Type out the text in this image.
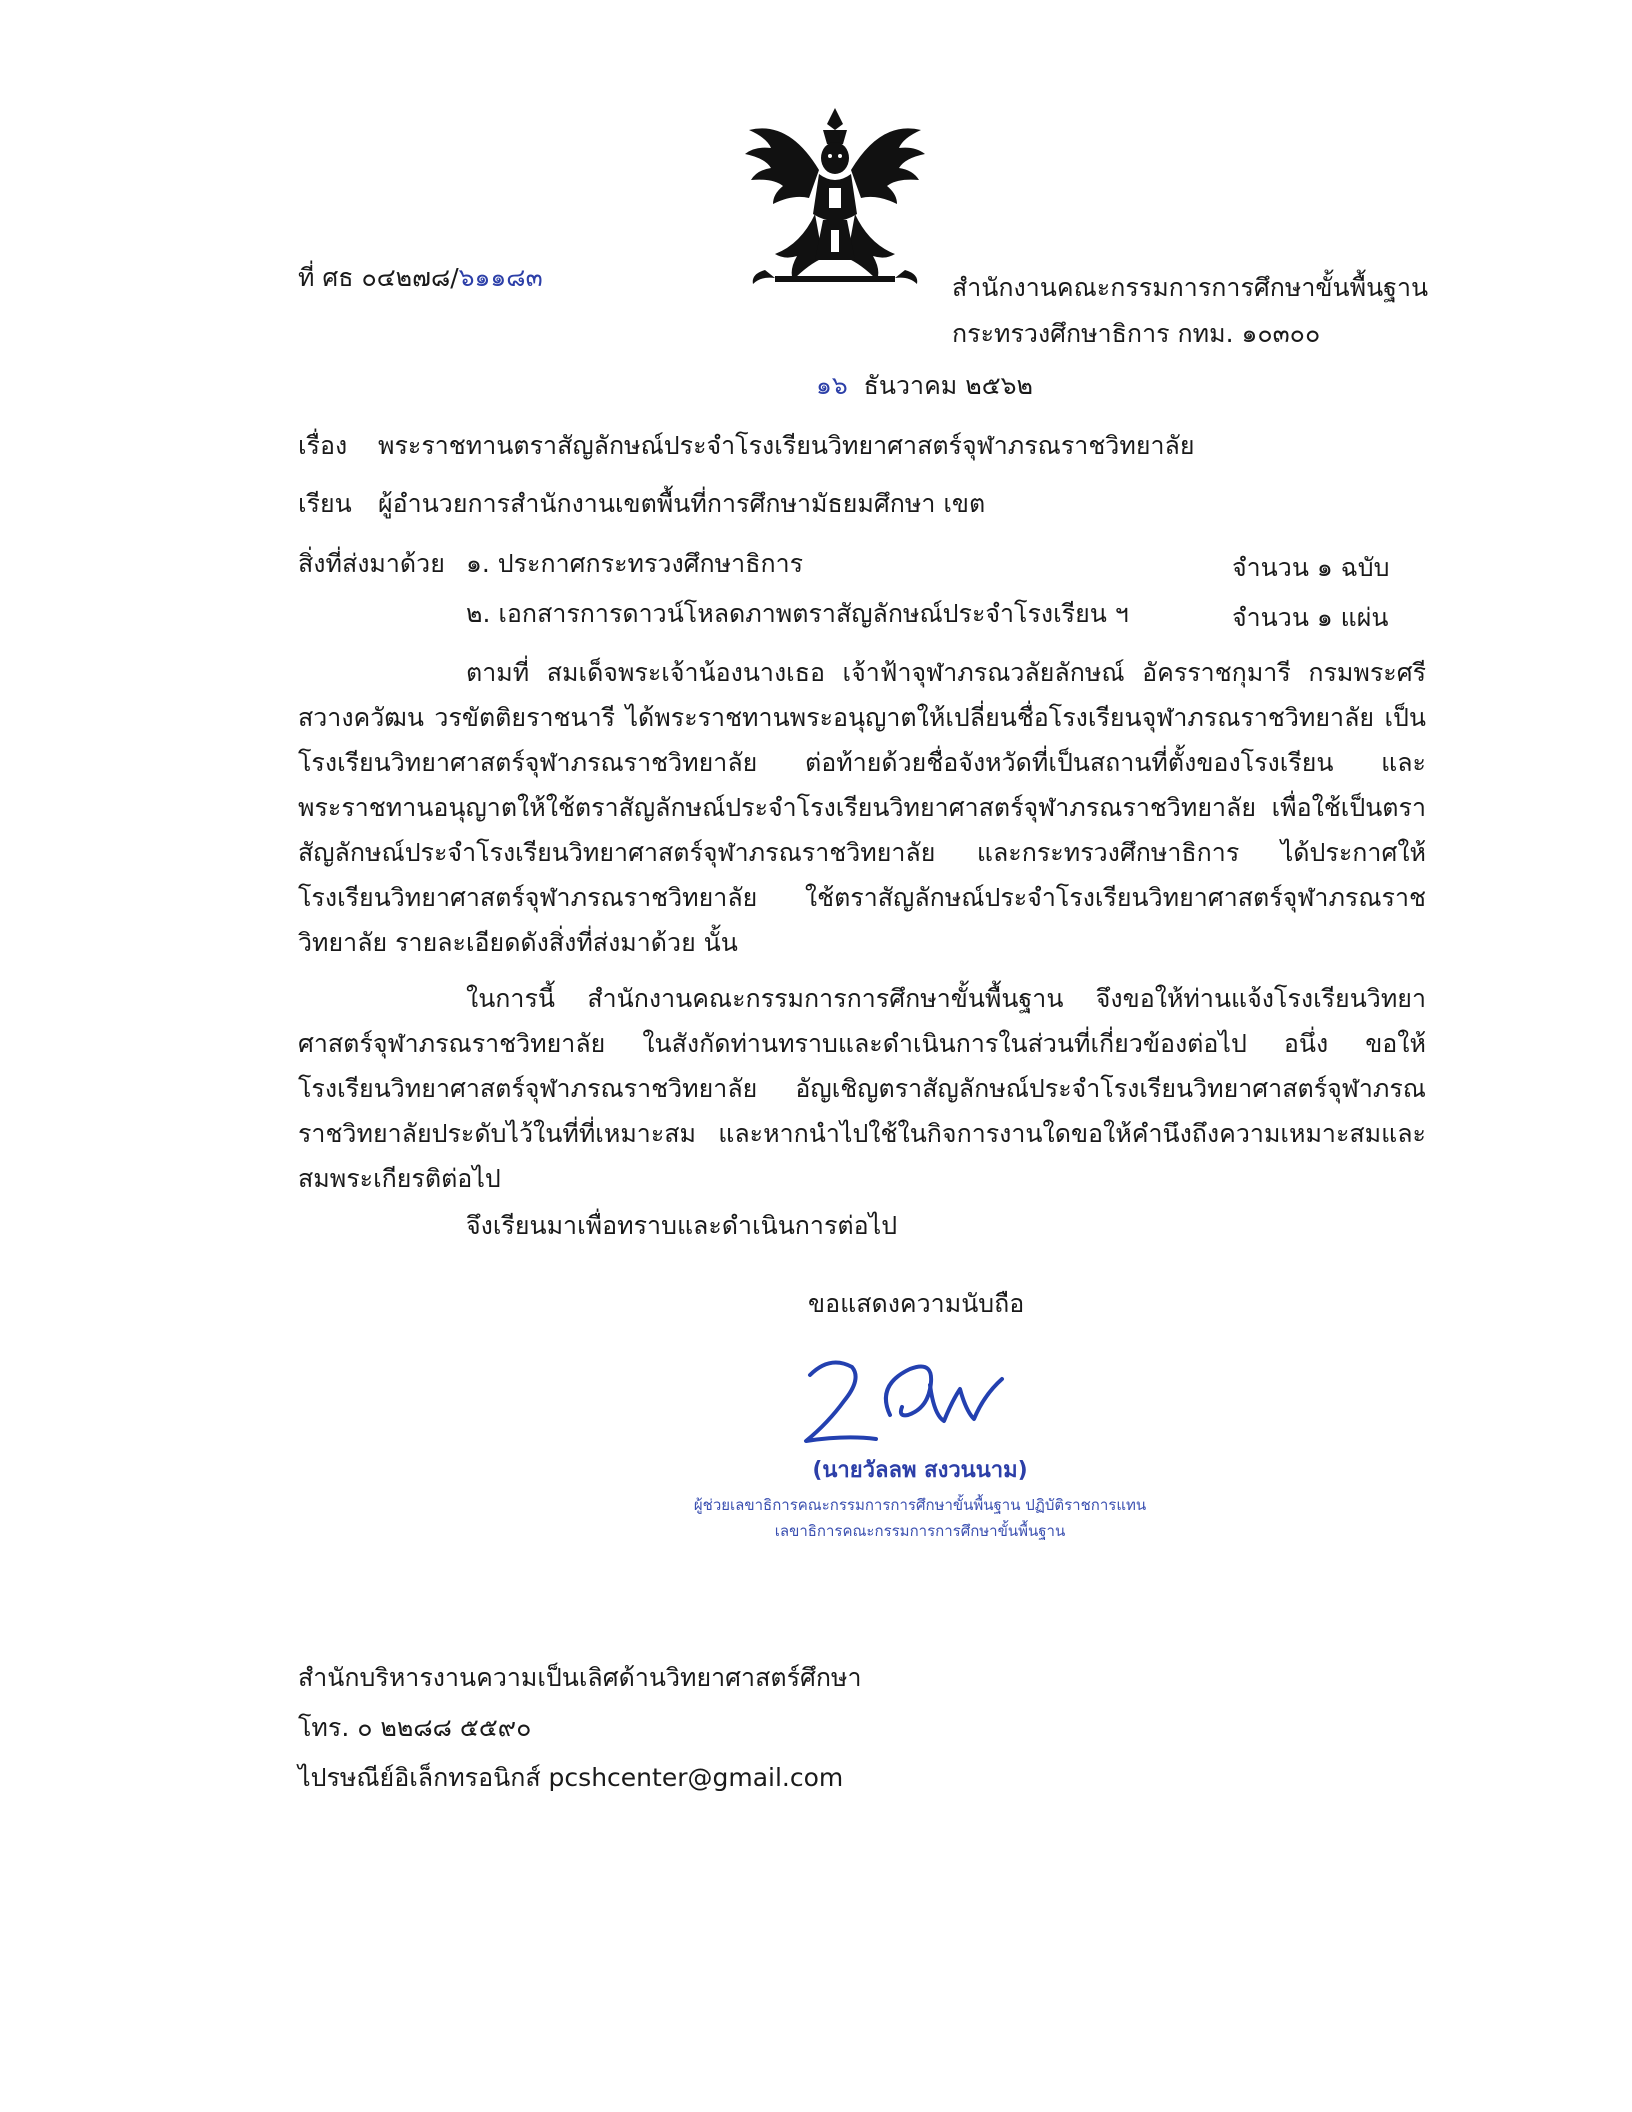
ที่ ศธ ๐๔๒๗๘/๖๑๑๘๓	สำนักงานคณะกรรมการการศึกษาขั้นพื้นฐาน
กระทรวงศึกษาธิการ กทม. ๑๐๓๐๐
๑๖ ธันวาคม ๒๕๖๒
เรื่อง พระราชทานตราสัญลักษณ์ประจำโรงเรียนวิทยาศาสตร์จุฬาภรณราชวิทยาลัย
เรียน ผู้อำนวยการสำนักงานเขตพื้นที่การศึกษามัธยมศึกษา เขต
สิ่งที่ส่งมาด้วย ๑. ประกาศกระทรวงศึกษาธิการ	จำนวน ๑ ฉบับ
๒. เอกสารการดาวน์โหลดภาพตราสัญลักษณ์ประจำโรงเรียน ฯ	จำนวน ๑ แผ่น
ตามที่ สมเด็จพระเจ้าน้องนางเธอ เจ้าฟ้าจุฬาภรณวลัยลักษณ์ อัครราชกุมารี กรมพระศรีสวางควัฒน วรขัตติยราชนารี ได้พระราชทานพระอนุญาตให้เปลี่ยนชื่อโรงเรียนจุฬาภรณราชวิทยาลัย เป็น โรงเรียนวิทยาศาสตร์จุฬาภรณราชวิทยาลัย ต่อท้ายด้วยชื่อจังหวัดที่เป็นสถานที่ตั้งของโรงเรียน และพระราชทานอนุญาตให้ใช้ตราสัญลักษณ์ประจำโรงเรียนวิทยาศาสตร์จุฬาภรณราชวิทยาลัย เพื่อใช้เป็นตราสัญลักษณ์ประจำโรงเรียนวิทยาศาสตร์จุฬาภรณราชวิทยาลัย และกระทรวงศึกษาธิการ ได้ประกาศให้โรงเรียนวิทยาศาสตร์จุฬาภรณราชวิทยาลัย ใช้ตราสัญลักษณ์ประจำโรงเรียนวิทยาศาสตร์จุฬาภรณราชวิทยาลัย รายละเอียดดังสิ่งที่ส่งมาด้วย นั้น
ในการนี้ สำนักงานคณะกรรมการการศึกษาขั้นพื้นฐาน จึงขอให้ท่านแจ้งโรงเรียนวิทยาศาสตร์จุฬาภรณราชวิทยาลัย ในสังกัดท่านทราบและดำเนินการในส่วนที่เกี่ยวข้องต่อไป อนึ่ง ขอให้โรงเรียนวิทยาศาสตร์จุฬาภรณราชวิทยาลัย อัญเชิญตราสัญลักษณ์ประจำโรงเรียนวิทยาศาสตร์จุฬาภรณราชวิทยาลัยประดับไว้ในที่ที่เหมาะสม และหากนำไปใช้ในกิจการงานใดขอให้คำนึงถึงความเหมาะสมและสมพระเกียรติต่อไป
จึงเรียนมาเพื่อทราบและดำเนินการต่อไป
ขอแสดงความนับถือ
(นายวัลลพ สงวนนาม)
ผู้ช่วยเลขาธิการคณะกรรมการการศึกษาขั้นพื้นฐาน ปฏิบัติราชการแทน
เลขาธิการคณะกรรมการการศึกษาขั้นพื้นฐาน
สำนักบริหารงานความเป็นเลิศด้านวิทยาศาสตร์ศึกษา
โทร. ๐ ๒๒๘๘ ๕๕๙๐
ไปรษณีย์อิเล็กทรอนิกส์ pcshcenter@gmail.com
